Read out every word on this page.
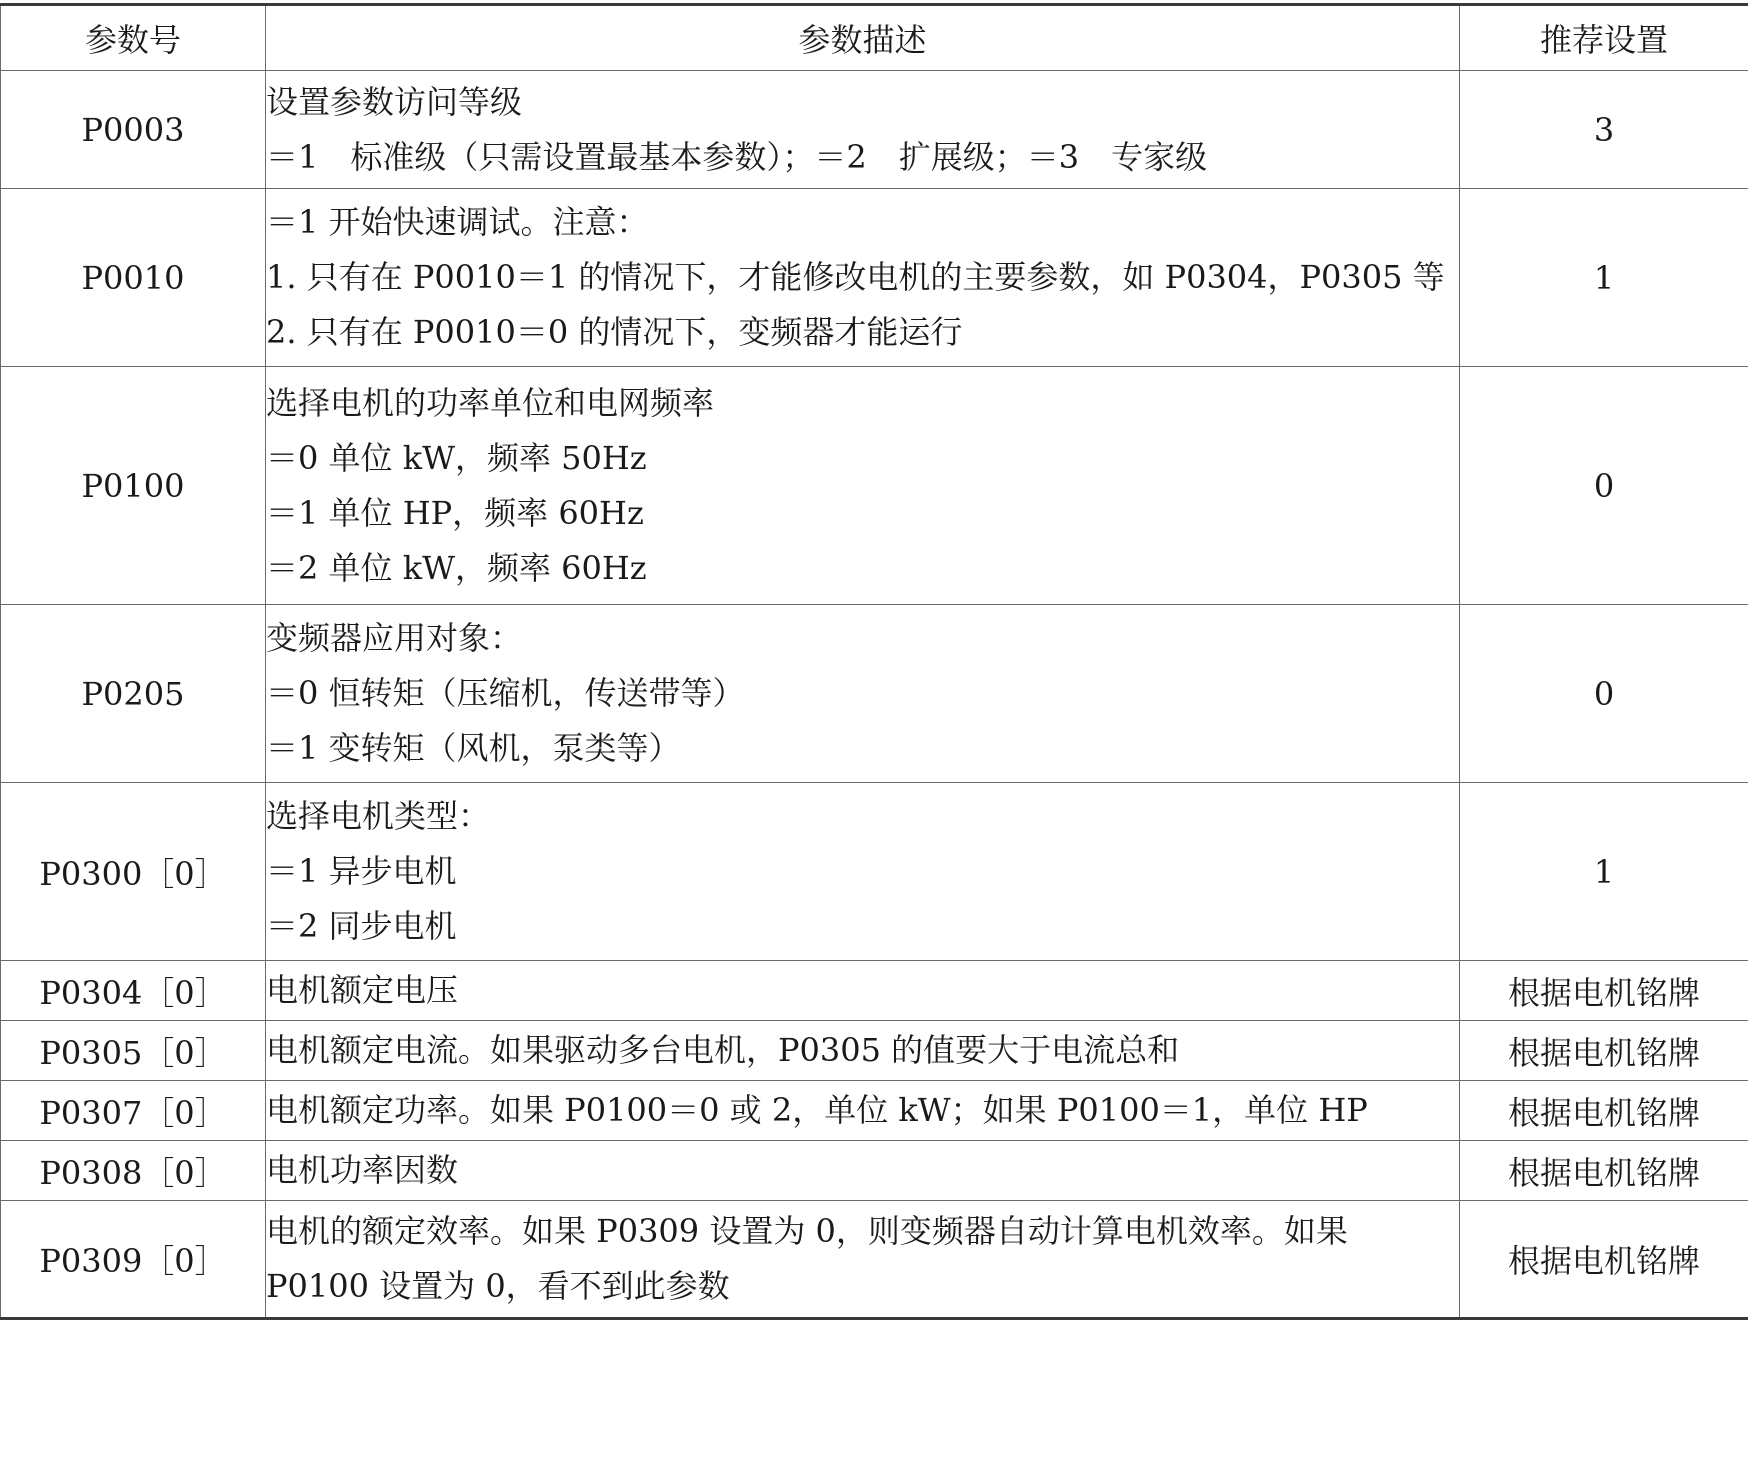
参数号	参数描述	推荐设置
P0003	设置参数访问等级
＝1　标准级（只需设置最基本参数）；＝2　扩展级；＝3　专家级	3
P0010	＝1 开始快速调试。注意：
1. 只有在 P0010＝1 的情况下，才能修改电机的主要参数，如 P0304，P0305 等
2. 只有在 P0010＝0 的情况下，变频器才能运行	1
P0100	选择电机的功率单位和电网频率
＝0 单位 kW，频率 50Hz
＝1 单位 HP，频率 60Hz
＝2 单位 kW，频率 60Hz	0
P0205	变频器应用对象：
＝0 恒转矩（压缩机，传送带等）
＝1 变转矩（风机，泵类等）	0
P0300［0］	选择电机类型：
＝1 异步电机
＝2 同步电机	1
P0304［0］	电机额定电压	根据电机铭牌
P0305［0］	电机额定电流。如果驱动多台电机，P0305 的值要大于电流总和	根据电机铭牌
P0307［0］	电机额定功率。如果 P0100＝0 或 2，单位 kW；如果 P0100＝1，单位 HP	根据电机铭牌
P0308［0］	电机功率因数	根据电机铭牌
P0309［0］	电机的额定效率。如果 P0309 设置为 0，则变频器自动计算电机效率。如果
P0100 设置为 0，看不到此参数	根据电机铭牌
